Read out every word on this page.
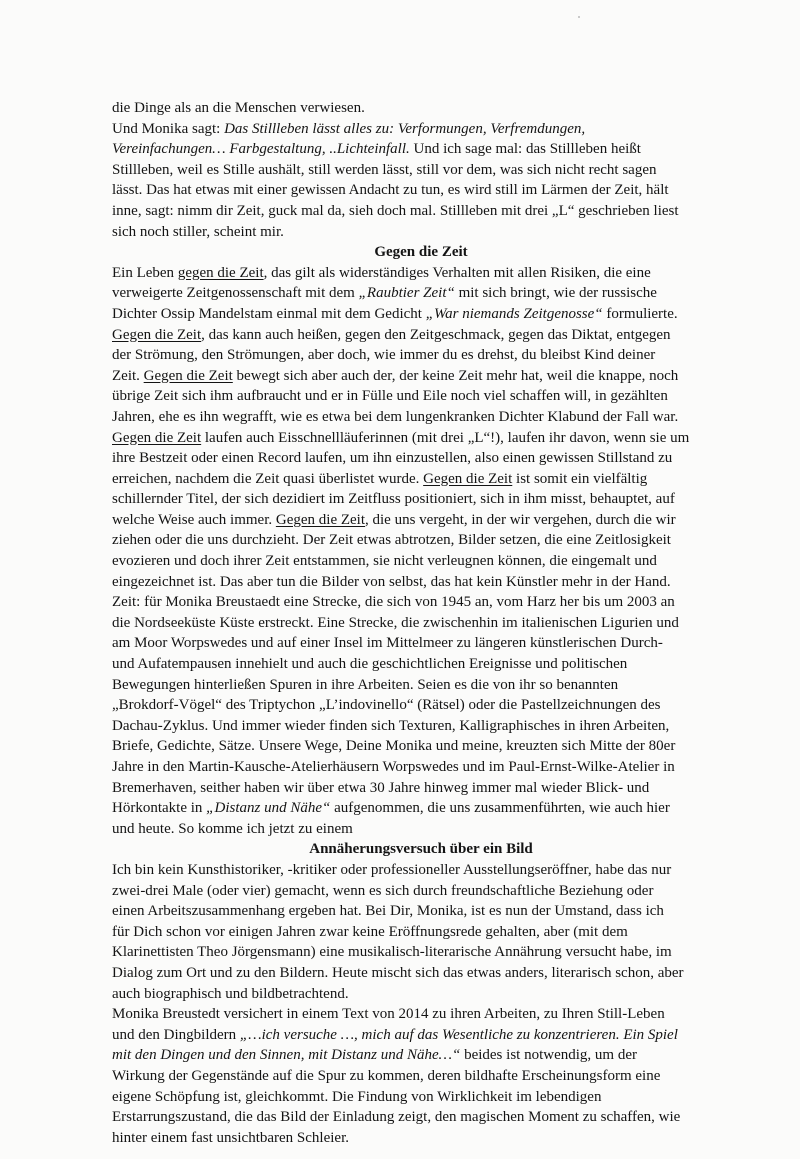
die Dinge als an die Menschen verwiesen.
Und Monika sagt: Das Stillleben lässt alles zu: Verformungen, Verfremdungen,
Vereinfachungen… Farbgestaltung, ..Lichteinfall. Und ich sage mal: das Stillleben heißt
Stillleben, weil es Stille aushält, still werden lässt, still vor dem, was sich nicht recht sagen
lässt. Das hat etwas mit einer gewissen Andacht zu tun, es wird still im Lärmen der Zeit, hält
inne, sagt: nimm dir Zeit, guck mal da, sieh doch mal. Stillleben mit drei „L“ geschrieben liest
sich noch stiller, scheint mir.
Gegen die Zeit
Ein Leben gegen die Zeit, das gilt als widerständiges Verhalten mit allen Risiken, die eine
verweigerte Zeitgenossenschaft mit dem „Raubtier Zeit“ mit sich bringt, wie der russische
Dichter Ossip Mandelstam einmal mit dem Gedicht „War niemands Zeitgenosse“ formulierte.
Gegen die Zeit, das kann auch heißen, gegen den Zeitgeschmack, gegen das Diktat, entgegen
der Strömung, den Strömungen, aber doch, wie immer du es drehst, du bleibst Kind deiner
Zeit. Gegen die Zeit bewegt sich aber auch der, der keine Zeit mehr hat, weil die knappe, noch
übrige Zeit sich ihm aufbraucht und er in Fülle und Eile noch viel schaffen will, in gezählten
Jahren, ehe es ihn wegrafft, wie es etwa bei dem lungenkranken Dichter Klabund der Fall war.
Gegen die Zeit laufen auch Eisschnellläuferinnen (mit drei „L“!), laufen ihr davon, wenn sie um
ihre Bestzeit oder einen Record laufen, um ihn einzustellen, also einen gewissen Stillstand zu
erreichen, nachdem die Zeit quasi überlistet wurde. Gegen die Zeit ist somit ein vielfältig
schillernder Titel, der sich dezidiert im Zeitfluss positioniert, sich in ihm misst, behauptet, auf
welche Weise auch immer. Gegen die Zeit, die uns vergeht, in der wir vergehen, durch die wir
ziehen oder die uns durchzieht. Der Zeit etwas abtrotzen, Bilder setzen, die eine Zeitlosigkeit
evozieren und doch ihrer Zeit entstammen, sie nicht verleugnen können, die eingemalt und
eingezeichnet ist. Das aber tun die Bilder von selbst, das hat kein Künstler mehr in der Hand.
Zeit: für Monika Breustaedt eine Strecke, die sich von 1945 an, vom Harz her bis um 2003 an
die Nordseeküste Küste erstreckt. Eine Strecke, die zwischenhin im italienischen Ligurien und
am Moor Worpswedes und auf einer Insel im Mittelmeer zu längeren künstlerischen Durch-
und Aufatempausen innehielt und auch die geschichtlichen Ereignisse und politischen
Bewegungen hinterließen Spuren in ihre Arbeiten. Seien es die von ihr so benannten
„Brokdorf-Vögel“ des Triptychon „L’indovinello“ (Rätsel) oder die Pastellzeichnungen des
Dachau-Zyklus. Und immer wieder finden sich Texturen, Kalligraphisches in ihren Arbeiten,
Briefe, Gedichte, Sätze. Unsere Wege, Deine Monika und meine, kreuzten sich Mitte der 80er
Jahre in den Martin-Kausche-Atelierhäusern Worpswedes und im Paul-Ernst-Wilke-Atelier in
Bremerhaven, seither haben wir über etwa 30 Jahre hinweg immer mal wieder Blick- und
Hörkontakte in „Distanz und Nähe“ aufgenommen, die uns zusammenführten, wie auch hier
und heute. So komme ich jetzt zu einem
Annäherungsversuch über ein Bild
Ich bin kein Kunsthistoriker, -kritiker oder professioneller Ausstellungseröffner, habe das nur
zwei-drei Male (oder vier) gemacht, wenn es sich durch freundschaftliche Beziehung oder
einen Arbeitszusammenhang ergeben hat. Bei Dir, Monika, ist es nun der Umstand, dass ich
für Dich schon vor einigen Jahren zwar keine Eröffnungsrede gehalten, aber (mit dem
Klarinettisten Theo Jörgensmann) eine musikalisch-literarische Annährung versucht habe, im
Dialog zum Ort und zu den Bildern. Heute mischt sich das etwas anders, literarisch schon, aber
auch biographisch und bildbetrachtend.
Monika Breustedt versichert in einem Text von 2014 zu ihren Arbeiten, zu Ihren Still-Leben
und den Dingbildern „…ich versuche …, mich auf das Wesentliche zu konzentrieren. Ein Spiel
mit den Dingen und den Sinnen, mit Distanz und Nähe…“ beides ist notwendig, um der
Wirkung der Gegenstände auf die Spur zu kommen, deren bildhafte Erscheinungsform eine
eigene Schöpfung ist, gleichkommt. Die Findung von Wirklichkeit im lebendigen
Erstarrungszustand, die das Bild der Einladung zeigt, den magischen Moment zu schaffen, wie
hinter einem fast unsichtbaren Schleier.
